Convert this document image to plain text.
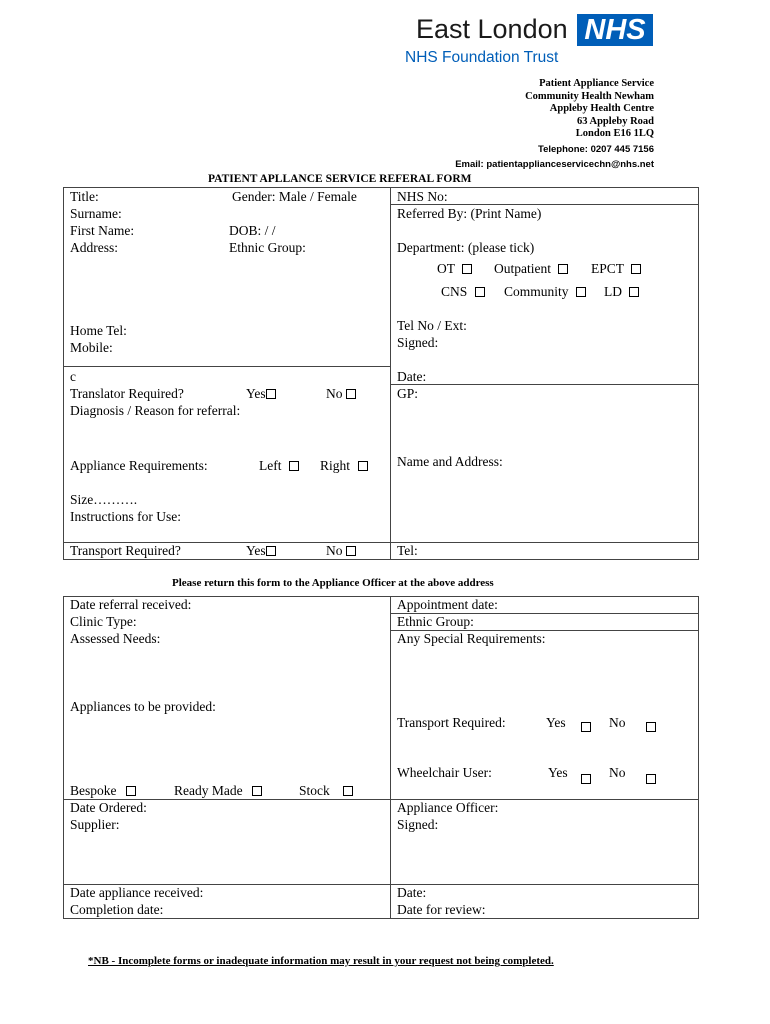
East London NHS
NHS Foundation Trust
Patient Appliance Service
Community Health Newham
Appleby Health Centre
63 Appleby Road
London E16 1LQ
Telephone: 0207 445 7156
Email: patientapplianceservicechn@nhs.net
PATIENT APLLANCE SERVICE REFERAL FORM
Title:	Gender: Male / Female
Surname:
First Name:	DOB: / /
Address:	Ethnic Group:
Home Tel:
Mobile:
c
Translator Required?	Yes	No
Diagnosis / Reason for referral:
Appliance Requirements:	Left	Right
Size……….
Instructions for Use:
Transport Required?	Yes	No
NHS No:
Referred By: (Print Name)
Department: (please tick)
OT	Outpatient	EPCT
CNS	Community	LD
Tel No / Ext:
Signed:
Date:
GP:
Name and Address:
Tel:
Please return this form to the Appliance Officer at the above address
Date referral received:
Clinic Type:
Assessed Needs:
Appliances to be provided:
Bespoke	Ready Made	Stock
Date Ordered:
Supplier:
Date appliance received:
Completion date:
Appointment date:
Ethnic Group:
Any Special Requirements:
Transport Required:	Yes	No
Wheelchair User:	Yes	No
Appliance Officer:
Signed:
Date:
Date for review:
*NB - Incomplete forms or inadequate information may result in your request not being completed.
